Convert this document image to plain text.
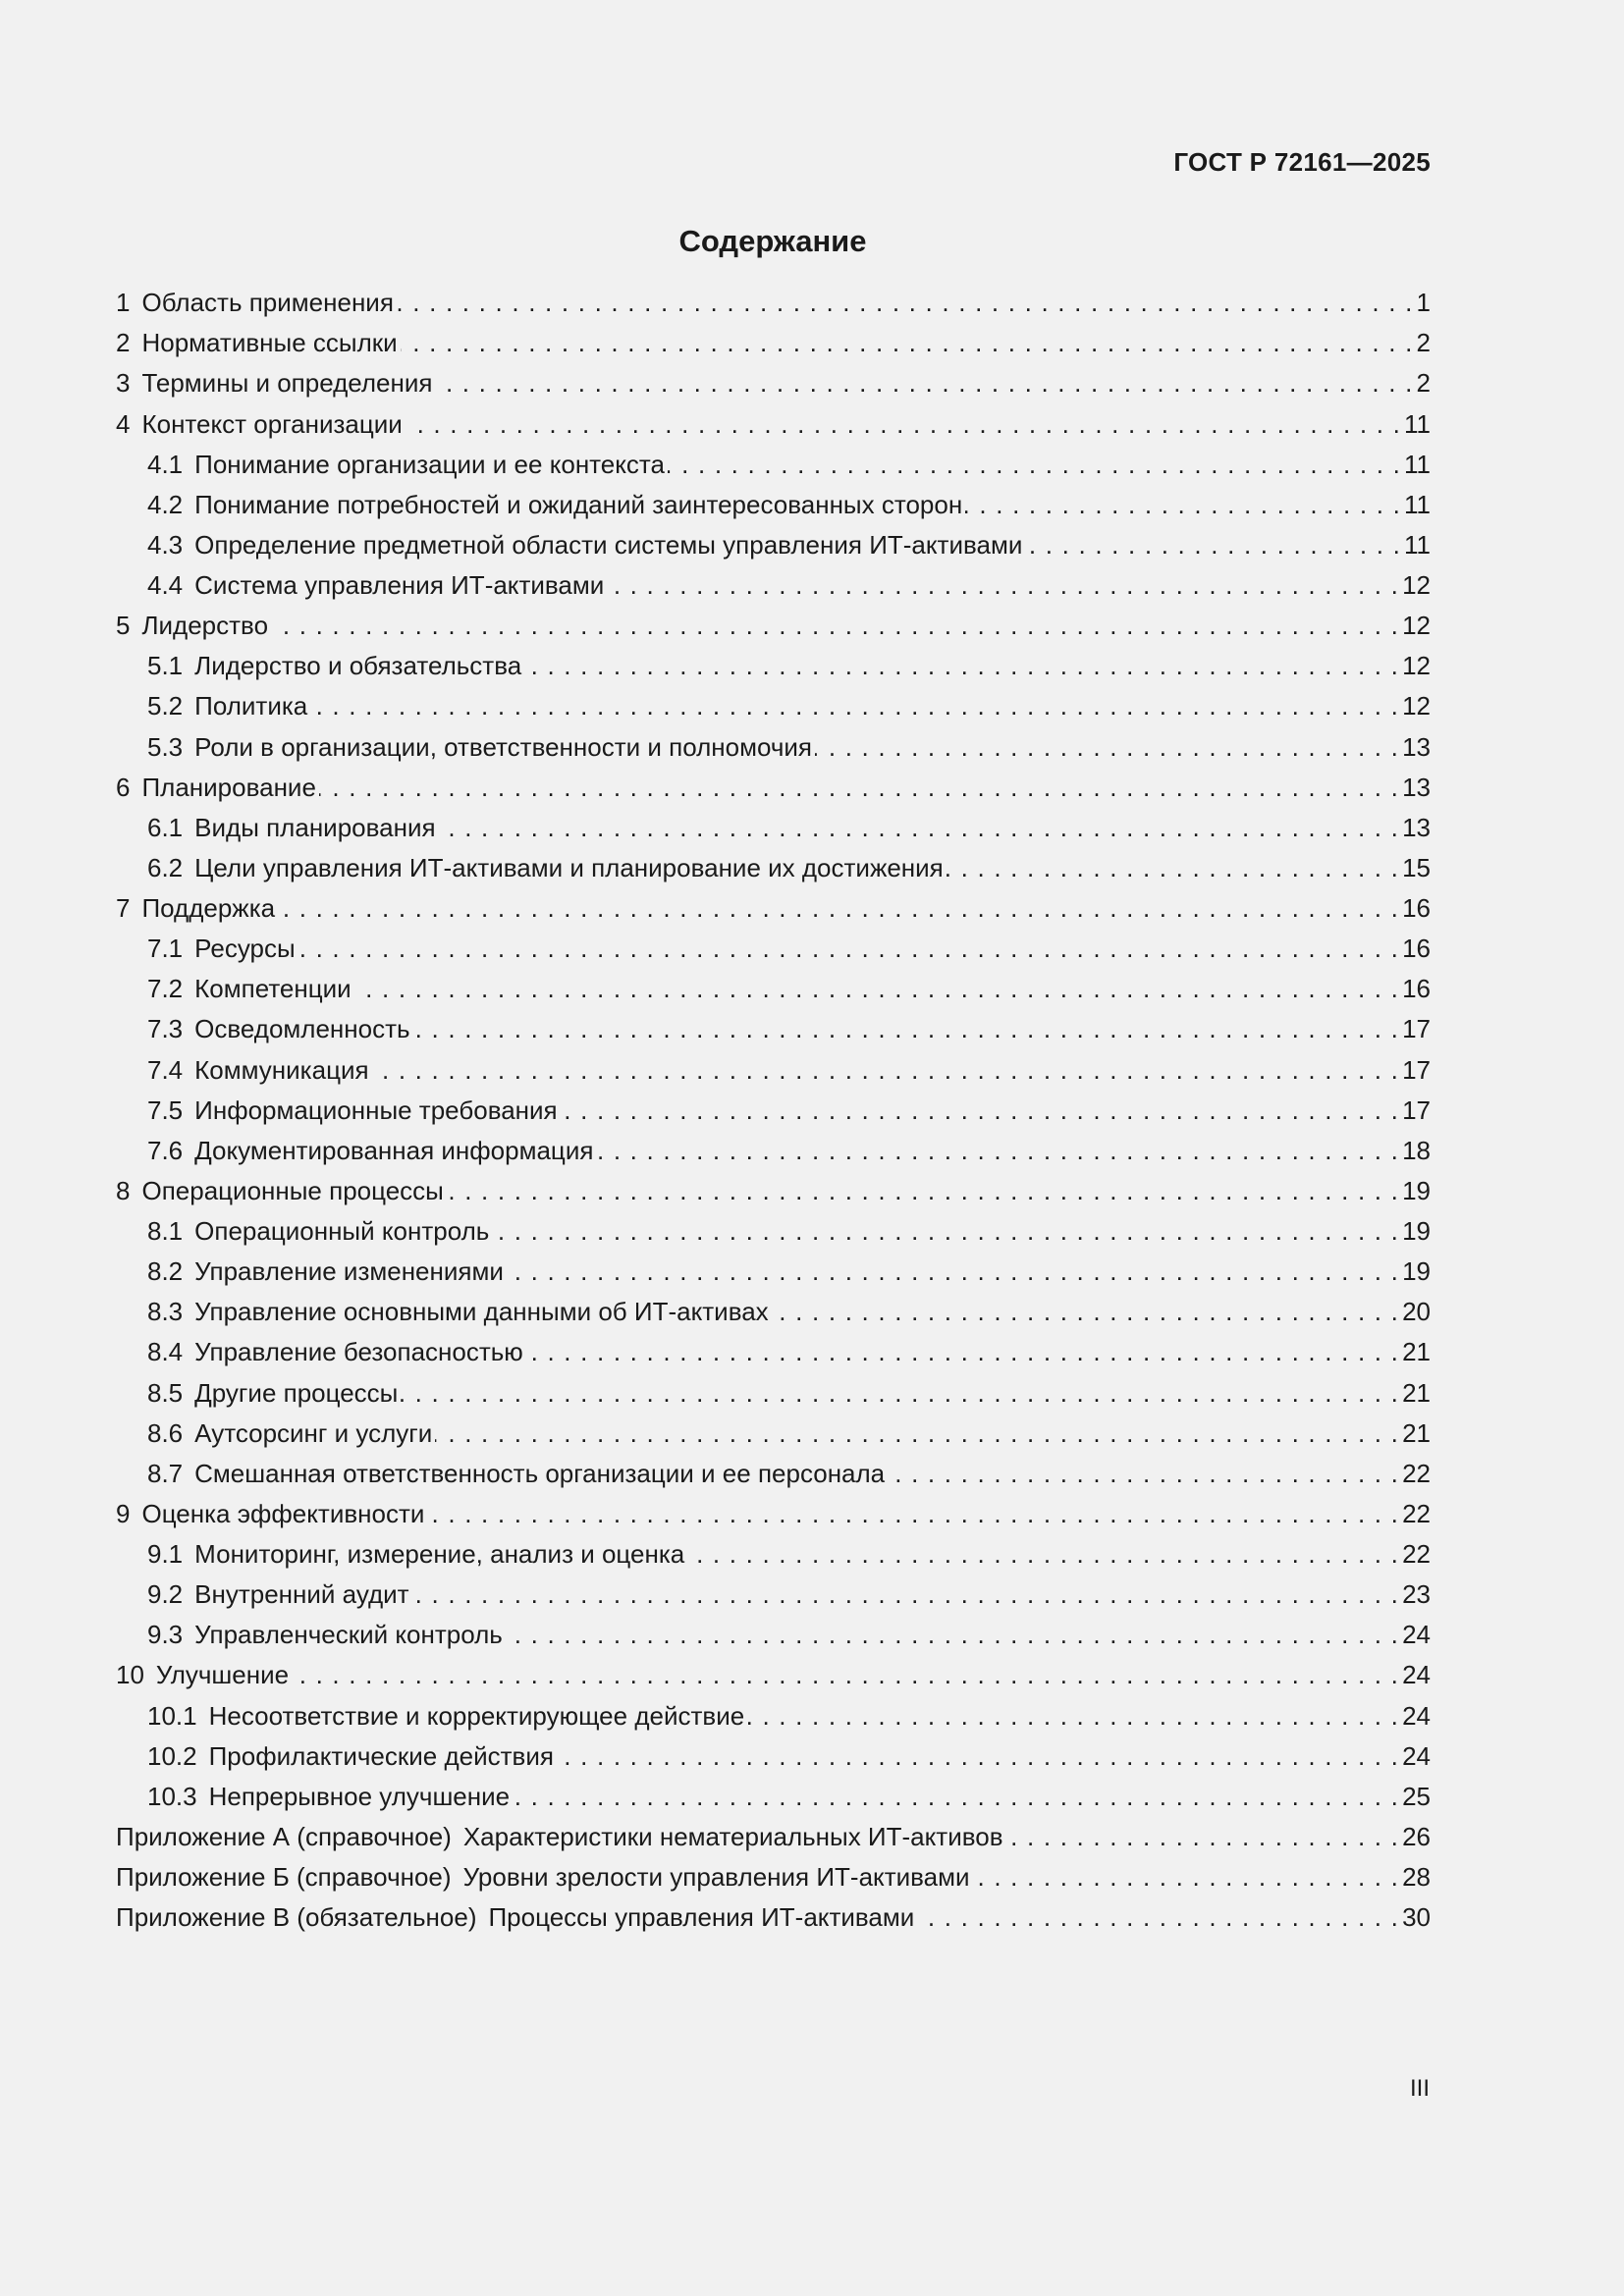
ГОСТ Р 72161—2025
Содержание
1 Область применения . . .	1
2 Нормативные ссылки . . .	2
3 Термины и определения . . .	2
4 Контекст организации . . .	11
4.1 Понимание организации и ее контекста . . .	11
4.2 Понимание потребностей и ожиданий заинтересованных сторон . . .	11
4.3 Определение предметной области системы управления ИТ-активами . . .	11
4.4 Система управления ИТ-активами . . .	12
5 Лидерство . . .	12
5.1 Лидерство и обязательства . . .	12
5.2 Политика . . .	12
5.3 Роли в организации, ответственности и полномочия . . .	13
6 Планирование . . .	13
6.1 Виды планирования . . .	13
6.2 Цели управления ИТ-активами и планирование их достижения . . .	15
7 Поддержка . . .	16
7.1 Ресурсы . . .	16
7.2 Компетенции . . .	16
7.3 Осведомленность . . .	17
7.4 Коммуникация . . .	17
7.5 Информационные требования . . .	17
7.6 Документированная информация . . .	18
8 Операционные процессы . . .	19
8.1 Операционный контроль . . .	19
8.2 Управление изменениями . . .	19
8.3 Управление основными данными об ИТ-активах . . .	20
8.4 Управление безопасностью . . .	21
8.5 Другие процессы . . .	21
8.6 Аутсорсинг и услуги . . .	21
8.7 Смешанная ответственность организации и ее персонала . . .	22
9 Оценка эффективности . . .	22
9.1 Мониторинг, измерение, анализ и оценка . . .	22
9.2 Внутренний аудит . . .	23
9.3 Управленческий контроль . . .	24
10 Улучшение . . .	24
10.1 Несоответствие и корректирующее действие . . .	24
10.2 Профилактические действия . . .	24
10.3 Непрерывное улучшение . . .	25
Приложение А (справочное) Характеристики нематериальных ИТ-активов . . .	26
Приложение Б (справочное) Уровни зрелости управления ИТ-активами . . .	28
Приложение В (обязательное) Процессы управления ИТ-активами . . .	30
III
